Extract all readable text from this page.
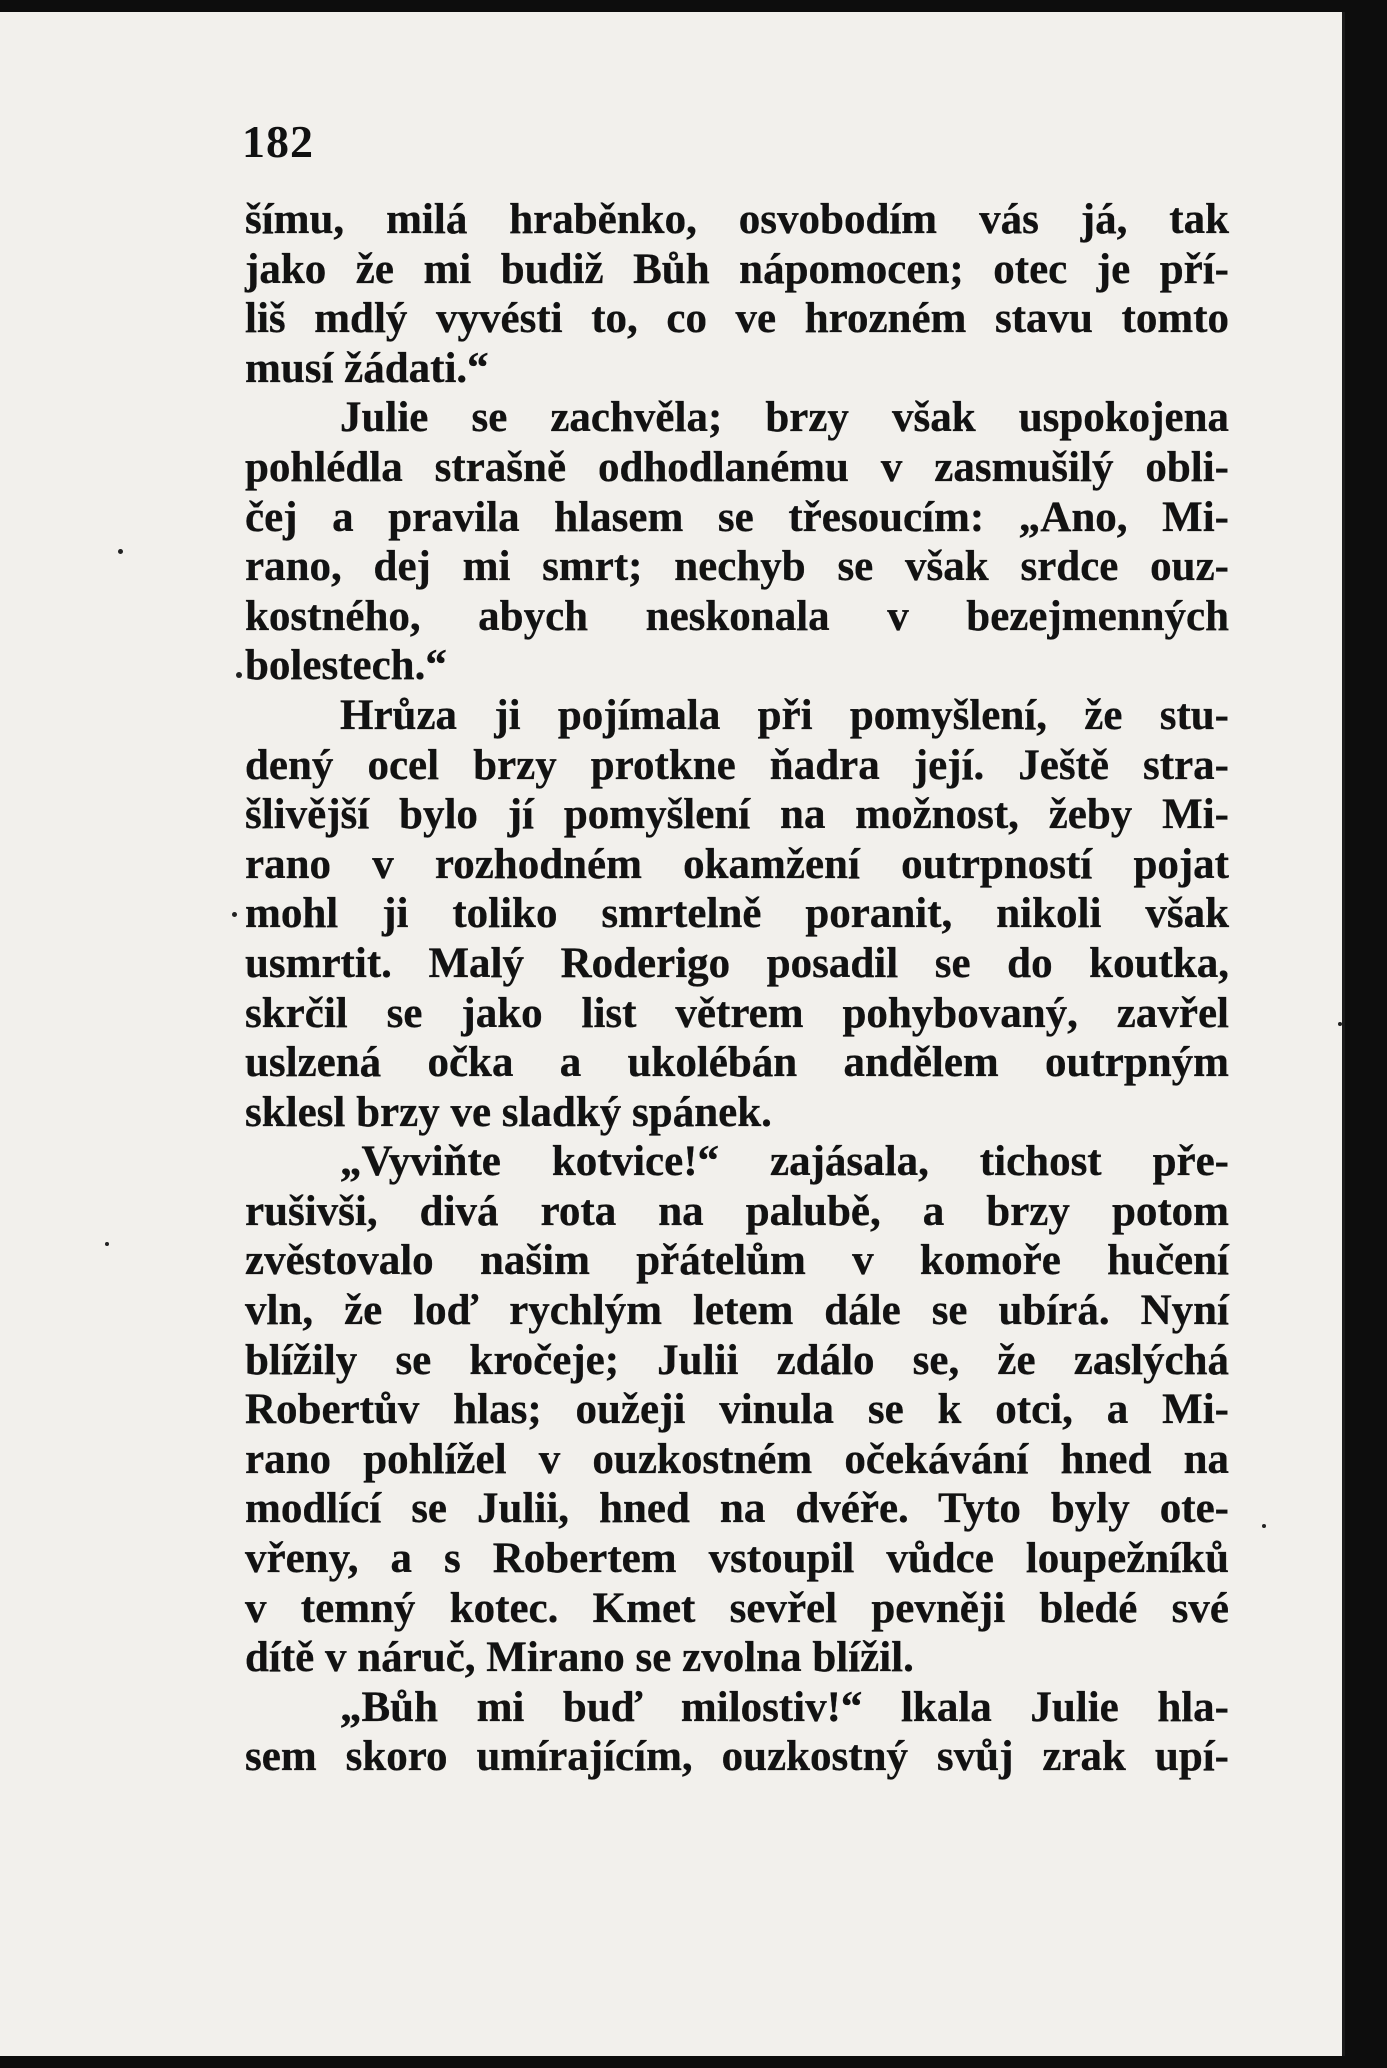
182
šímu, milá hraběnko, osvobodím vás já, tak
jako že mi budiž Bůh nápomocen; otec je pří-
liš mdlý vyvésti to, co ve hrozném stavu tomto
musí žádati.“
Julie se zachvěla; brzy však uspokojena
pohlédla strašně odhodlanému v zasmušilý obli-
čej a pravila hlasem se třesoucím: „Ano, Mi-
rano, dej mi smrt; nechyb se však srdce ouz-
kostného, abych neskonala v bezejmenných
bolestech.“
Hrůza ji pojímala při pomyšlení, že stu-
dený ocel brzy protkne ňadra její. Ještě stra-
šlivější bylo jí pomyšlení na možnost, žeby Mi-
rano v rozhodném okamžení outrpností pojat
mohl ji toliko smrtelně poranit, nikoli však
usmrtit. Malý Roderigo posadil se do koutka,
skrčil se jako list větrem pohybovaný, zavřel
uslzená očka a ukolébán andělem outrpným
sklesl brzy ve sladký spánek.
„Vyviňte kotvice!“ zajásala, tichost pře-
rušivši, divá rota na palubě, a brzy potom
zvěstovalo našim přátelům v komoře hučení
vln, že loď rychlým letem dále se ubírá. Nyní
blížily se kročeje; Julii zdálo se, že zaslýchá
Robertův hlas; oužeji vinula se k otci, a Mi-
rano pohlížel v ouzkostném očekávání hned na
modlící se Julii, hned na dvéře. Tyto byly ote-
vřeny, a s Robertem vstoupil vůdce loupežníků
v temný kotec. Kmet sevřel pevněji bledé své
dítě v náruč, Mirano se zvolna blížil.
„Bůh mi buď milostiv!“ lkala Julie hla-
sem skoro umírajícím, ouzkostný svůj zrak upí-
